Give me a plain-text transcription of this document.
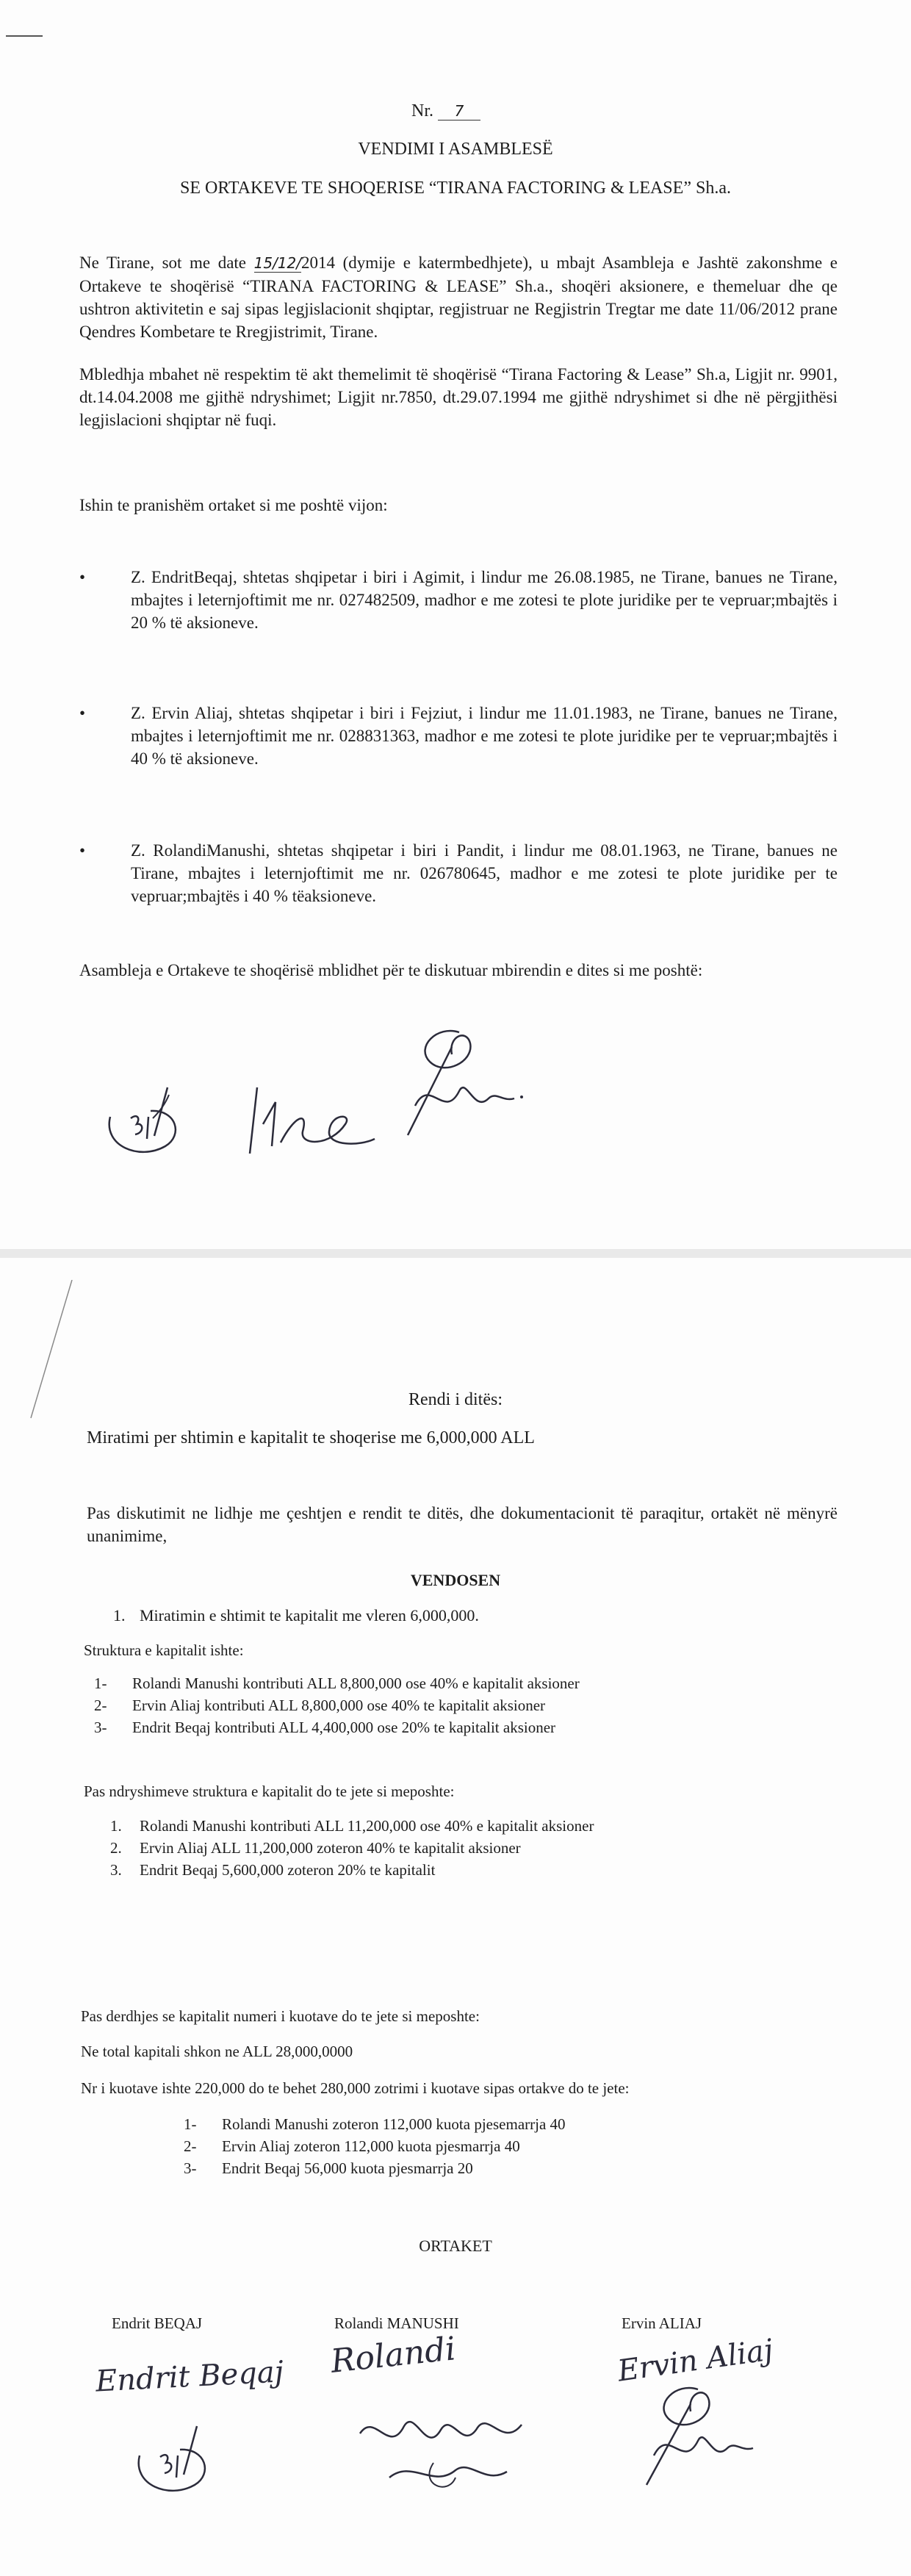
Nr. 7
VENDIMI I ASAMBLESË
SE ORTAKEVE TE SHOQERISE “TIRANA FACTORING & LEASE” Sh.a.
Ne Tirane, sot me date 15/12/2014 (dymije e katermbedhjete), u mbajt Asambleja e Jashtë zakonshme e Ortakeve te shoqërisë “TIRANA FACTORING & LEASE” Sh.a., shoqëri aksionere, e themeluar dhe qe ushtron aktivitetin e saj sipas legjislacionit shqiptar, regjistruar ne Regjistrin Tregtar me date 11/06/2012 prane Qendres Kombetare te Rregjistrimit, Tirane.
Mbledhja mbahet në respektim të akt themelimit të shoqërisë “Tirana Factoring & Lease” Sh.a, Ligjit nr. 9901, dt.14.04.2008 me gjithë ndryshimet; Ligjit nr.7850, dt.29.07.1994 me gjithë ndryshimet si dhe në përgjithësi legjislacioni shqiptar në fuqi.
Ishin te pranishëm ortaket si me poshtë vijon:
•	Z. EndritBeqaj, shtetas shqipetar i biri i Agimit, i lindur me 26.08.1985, ne Tirane, banues ne Tirane, mbajtes i leternjoftimit me nr. 027482509, madhor e me zotesi te plote juridike per te vepruar;mbajtës i 20 % të aksioneve.
•	Z. Ervin Aliaj, shtetas shqipetar i biri i Fejziut, i lindur me 11.01.1983, ne Tirane, banues ne Tirane, mbajtes i leternjoftimit me nr. 028831363, madhor e me zotesi te plote juridike per te vepruar;mbajtës i 40 % të aksioneve.
•	Z. RolandiManushi, shtetas shqipetar i biri i Pandit, i lindur me 08.01.1963, ne Tirane, banues ne Tirane, mbajtes i leternjoftimit me nr. 026780645, madhor e me zotesi te plote juridike per te vepruar;mbajtës i 40 % tëaksioneve.
Asambleja e Ortakeve te shoqërisë mblidhet për te diskutuar mbirendin e dites si me poshtë:
Rendi i ditës:
Miratimi per shtimin e kapitalit te shoqerise me 6,000,000 ALL
Pas diskutimit ne lidhje me çeshtjen e rendit te ditës, dhe dokumentacionit të paraqitur, ortakët në mënyrë unanimime,
VENDOSEN
1. Miratimin e shtimit te kapitalit me vleren 6,000,000.
Struktura e kapitalit ishte:
1-	Rolandi Manushi kontributi ALL 8,800,000 ose 40% e kapitalit aksioner
2-	Ervin Aliaj kontributi ALL 8,800,000 ose 40% te kapitalit aksioner
3-	Endrit Beqaj kontributi ALL 4,400,000 ose 20% te kapitalit aksioner
Pas ndryshimeve struktura e kapitalit do te jete si meposhte:
1.	Rolandi Manushi kontributi ALL 11,200,000 ose 40% e kapitalit aksioner
2.	Ervin Aliaj ALL 11,200,000 zoteron 40% te kapitalit aksioner
3.	Endrit Beqaj 5,600,000 zoteron 20% te kapitalit
Pas derdhjes se kapitalit numeri i kuotave do te jete si meposhte:
Ne total kapitali shkon ne ALL 28,000,0000
Nr i kuotave ishte 220,000 do te behet 280,000 zotrimi i kuotave sipas ortakve do te jete:
1-	Rolandi Manushi zoteron 112,000 kuota pjesemarrja 40
2-	Ervin Aliaj zoteron 112,000 kuota pjesmarrja 40
3-	Endrit Beqaj 56,000 kuota pjesmarrja 20
ORTAKET
Endrit BEQAJ	Rolandi MANUSHI	Ervin ALIAJ
Endrit Beqaj Rolandi	Ervin Aliaj
